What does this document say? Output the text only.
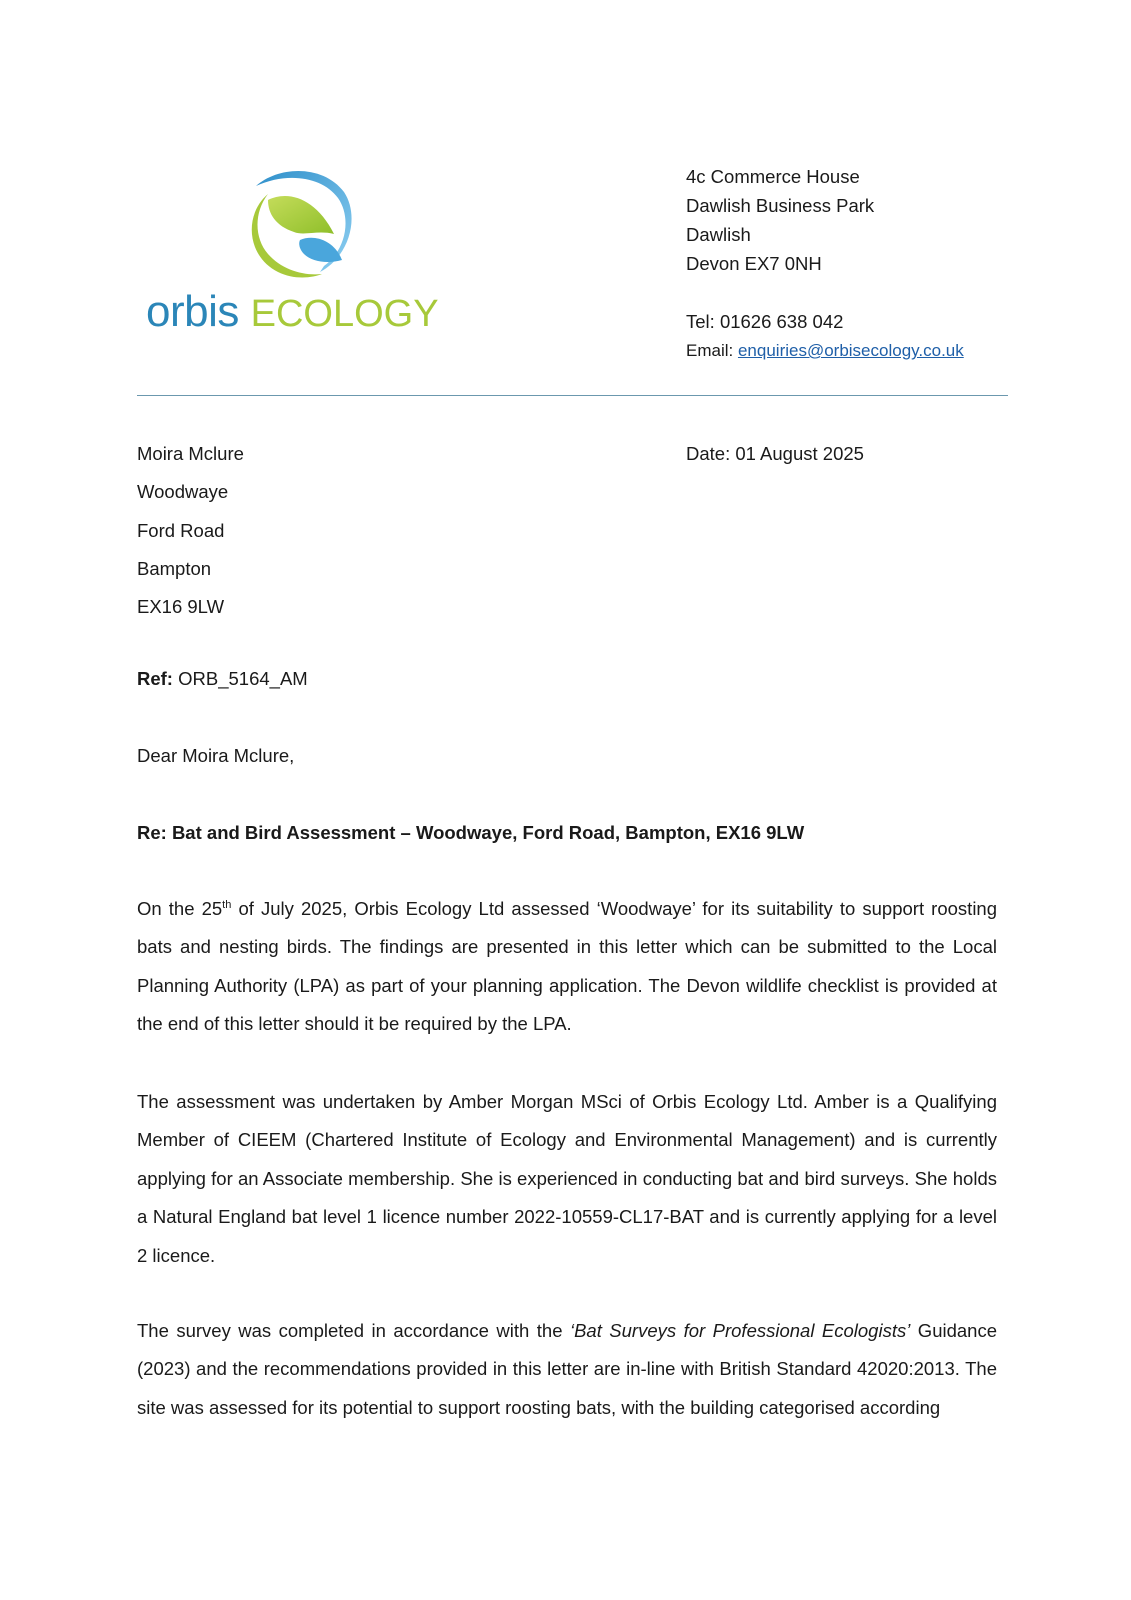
orbis ECOLOGY
4c Commerce House
Dawlish Business Park
Dawlish
Devon EX7 0NH
Tel: 01626 638 042
Email: enquiries@orbisecology.co.uk
Moira Mclure
Woodwaye
Ford Road
Bampton
EX16 9LW
Date: 01 August 2025
Ref: ORB_5164_AM
Dear Moira Mclure,
Re: Bat and Bird Assessment – Woodwaye, Ford Road, Bampton, EX16 9LW

On the 25th of July 2025, Orbis Ecology Ltd assessed ‘Woodwaye’ for its suitability to support roosting bats and nesting birds. The findings are presented in this letter which can be submitted to the Local Planning Authority (LPA) as part of your planning application. The Devon wildlife checklist is provided at the end of this letter should it be required by the LPA.

The assessment was undertaken by Amber Morgan MSci of Orbis Ecology Ltd. Amber is a Qualifying Member of CIEEM (Chartered Institute of Ecology and Environmental Management) and is currently applying for an Associate membership. She is experienced in conducting bat and bird surveys. She holds a Natural England bat level 1 licence number 2022-10559-CL17-BAT and is currently applying for a level 2 licence.

The survey was completed in accordance with the ‘Bat Surveys for Professional Ecologists’ Guidance (2023) and the recommendations provided in this letter are in-line with British Standard 42020:2013. The site was assessed for its potential to support roosting bats, with the building categorised according
